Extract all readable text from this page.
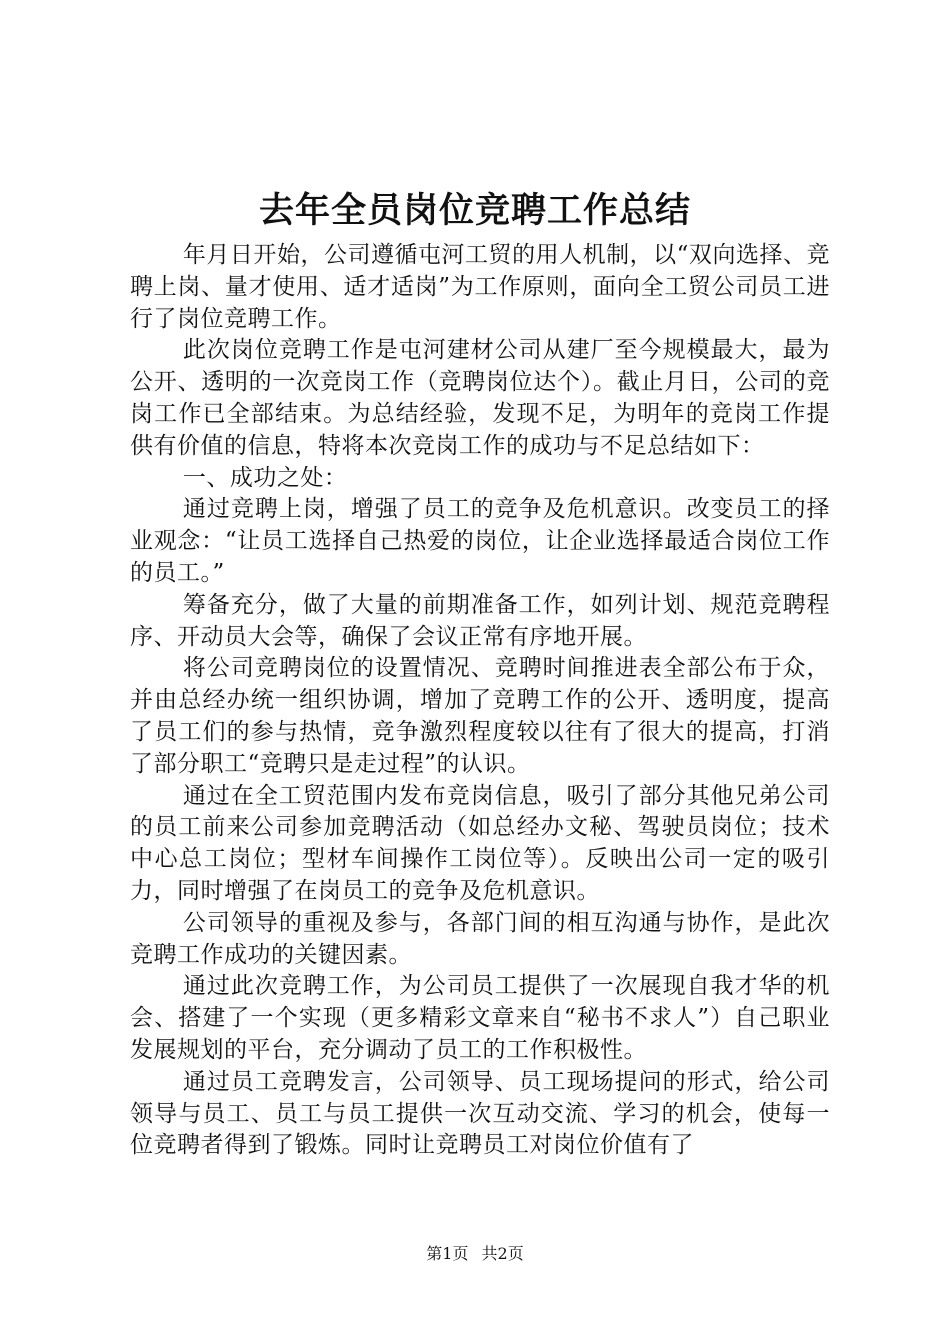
去年全员岗位竞聘工作总结

年月日开始，公司遵循屯河工贸的用人机制，以“双向选择、竞聘上岗、量才使用、适才适岗”为工作原则，面向全工贸公司员工进行了岗位竞聘工作。

此次岗位竞聘工作是屯河建材公司从建厂至今规模最大，最为公开、透明的一次竞岗工作（竞聘岗位达个）。截止月日，公司的竞岗工作已全部结束。为总结经验，发现不足，为明年的竞岗工作提供有价值的信息，特将本次竞岗工作的成功与不足总结如下：

一、成功之处：

通过竞聘上岗，增强了员工的竞争及危机意识。改变员工的择业观念：“让员工选择自己热爱的岗位，让企业选择最适合岗位工作的员工。”

筹备充分，做了大量的前期准备工作，如列计划、规范竞聘程序、开动员大会等，确保了会议正常有序地开展。

将公司竞聘岗位的设置情况、竞聘时间推进表全部公布于众，并由总经办统一组织协调，增加了竞聘工作的公开、透明度，提高了员工们的参与热情，竞争激烈程度较以往有了很大的提高，打消了部分职工“竞聘只是走过程”的认识。

通过在全工贸范围内发布竞岗信息，吸引了部分其他兄弟公司的员工前来公司参加竞聘活动（如总经办文秘、驾驶员岗位；技术中心总工岗位；型材车间操作工岗位等）。反映出公司一定的吸引力，同时增强了在岗员工的竞争及危机意识。

公司领导的重视及参与，各部门间的相互沟通与协作，是此次竞聘工作成功的关键因素。

通过此次竞聘工作，为公司员工提供了一次展现自我才华的机会、搭建了一个实现（更多精彩文章来自“秘书不求人”）自己职业发展规划的平台，充分调动了员工的工作积极性。

通过员工竞聘发言，公司领导、员工现场提问的形式，给公司领导与员工、员工与员工提供一次互动交流、学习的机会，使每一位竞聘者得到了锻炼。同时让竞聘员工对岗位价值有了

第1页 共2页
